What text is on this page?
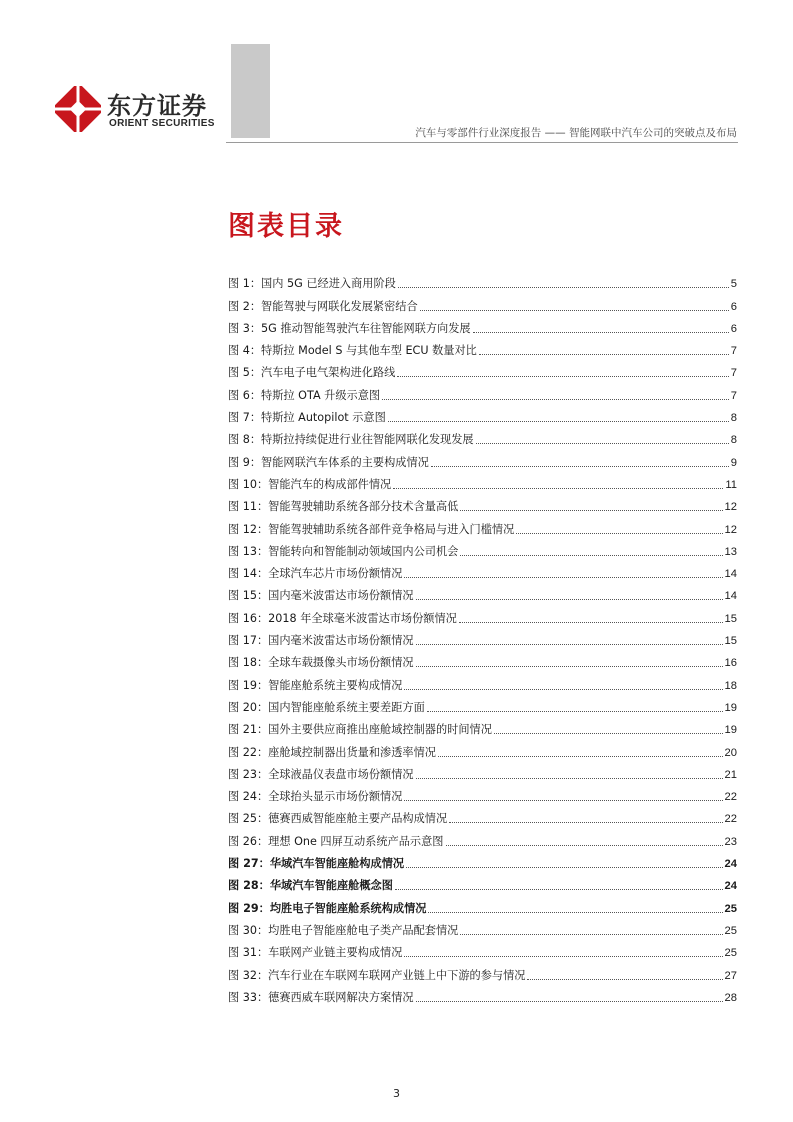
东方证券
ORIENT SECURITIES
汽车与零部件行业深度报告 —— 智能网联中汽车公司的突破点及布局
图表目录
图 1：国内 5G 已经进入商用阶段	5
图 2：智能驾驶与网联化发展紧密结合	6
图 3：5G 推动智能驾驶汽车往智能网联方向发展	6
图 4：特斯拉 Model S 与其他车型 ECU 数量对比	7
图 5：汽车电子电气架构进化路线	7
图 6：特斯拉 OTA 升级示意图	7
图 7：特斯拉 Autopilot 示意图	8
图 8：特斯拉持续促进行业往智能网联化发现发展	8
图 9：智能网联汽车体系的主要构成情况	9
图 10：智能汽车的构成部件情况	11
图 11：智能驾驶辅助系统各部分技术含量高低	12
图 12：智能驾驶辅助系统各部件竞争格局与进入门槛情况	12
图 13：智能转向和智能制动领域国内公司机会	13
图 14：全球汽车芯片市场份额情况	14
图 15：国内毫米波雷达市场份额情况	14
图 16：2018 年全球毫米波雷达市场份额情况	15
图 17：国内毫米波雷达市场份额情况	15
图 18：全球车载摄像头市场份额情况	16
图 19：智能座舱系统主要构成情况	18
图 20：国内智能座舱系统主要差距方面	19
图 21：国外主要供应商推出座舱域控制器的时间情况	19
图 22：座舱域控制器出货量和渗透率情况	20
图 23：全球液晶仪表盘市场份额情况	21
图 24：全球抬头显示市场份额情况	22
图 25：德赛西威智能座舱主要产品构成情况	22
图 26：理想 One 四屏互动系统产品示意图	23
图 27：华域汽车智能座舱构成情况	24
图 28：华域汽车智能座舱概念图	24
图 29：均胜电子智能座舱系统构成情况	25
图 30：均胜电子智能座舱电子类产品配套情况	25
图 31：车联网产业链主要构成情况	25
图 32：汽车行业在车联网车联网产业链上中下游的参与情况	27
图 33：德赛西威车联网解决方案情况	28
3
